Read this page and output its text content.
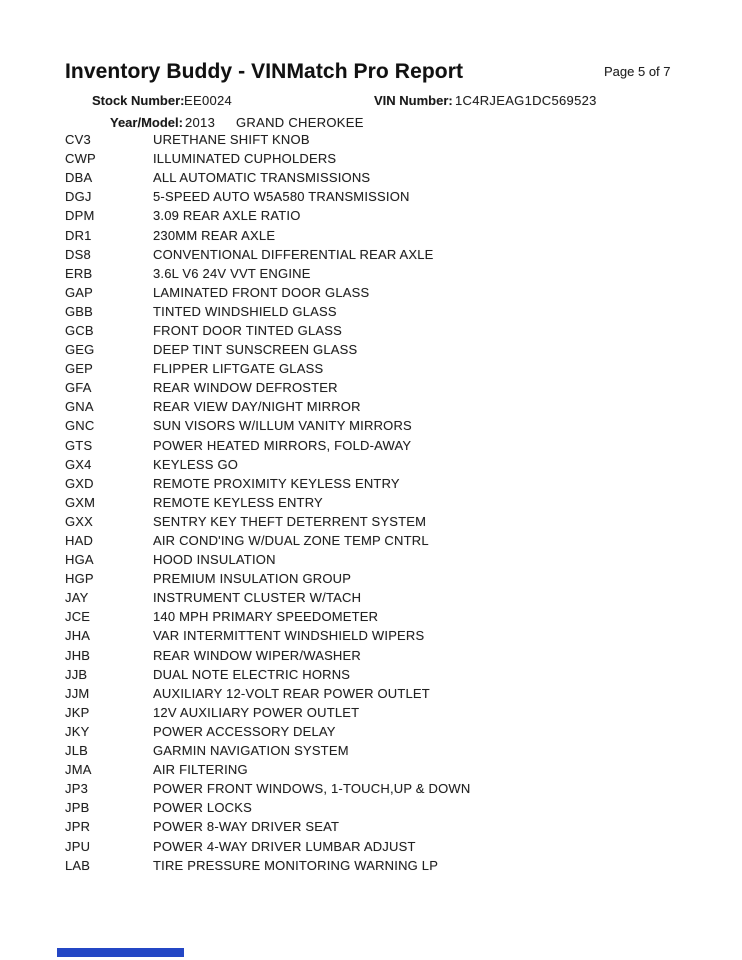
Inventory Buddy - VINMatch Pro Report	Page 5 of 7
Stock Number: EE0024	VIN Number: 1C4RJEAG1DC569523
Year/Model: 2013 GRAND CHEROKEE
CV3	URETHANE SHIFT KNOB
CWP	ILLUMINATED CUPHOLDERS
DBA	ALL AUTOMATIC TRANSMISSIONS
DGJ	5-SPEED AUTO W5A580 TRANSMISSION
DPM	3.09 REAR AXLE RATIO
DR1	230MM REAR AXLE
DS8	CONVENTIONAL DIFFERENTIAL REAR AXLE
ERB	3.6L V6 24V VVT ENGINE
GAP	LAMINATED FRONT DOOR GLASS
GBB	TINTED WINDSHIELD GLASS
GCB	FRONT DOOR TINTED GLASS
GEG	DEEP TINT SUNSCREEN GLASS
GEP	FLIPPER LIFTGATE GLASS
GFA	REAR WINDOW DEFROSTER
GNA	REAR VIEW DAY/NIGHT MIRROR
GNC	SUN VISORS W/ILLUM VANITY MIRRORS
GTS	POWER HEATED MIRRORS, FOLD-AWAY
GX4	KEYLESS GO
GXD	REMOTE PROXIMITY KEYLESS ENTRY
GXM	REMOTE KEYLESS ENTRY
GXX	SENTRY KEY THEFT DETERRENT SYSTEM
HAD	AIR COND'ING W/DUAL ZONE TEMP CNTRL
HGA	HOOD INSULATION
HGP	PREMIUM INSULATION GROUP
JAY	INSTRUMENT CLUSTER W/TACH
JCE	140 MPH PRIMARY SPEEDOMETER
JHA	VAR INTERMITTENT WINDSHIELD WIPERS
JHB	REAR WINDOW WIPER/WASHER
JJB	DUAL NOTE ELECTRIC HORNS
JJM	AUXILIARY 12-VOLT REAR POWER OUTLET
JKP	12V AUXILIARY POWER OUTLET
JKY	POWER ACCESSORY DELAY
JLB	GARMIN NAVIGATION SYSTEM
JMA	AIR FILTERING
JP3	POWER FRONT WINDOWS, 1-TOUCH,UP & DOWN
JPB	POWER LOCKS
JPR	POWER 8-WAY DRIVER SEAT
JPU	POWER 4-WAY DRIVER LUMBAR ADJUST
LAB	TIRE PRESSURE MONITORING WARNING LP
